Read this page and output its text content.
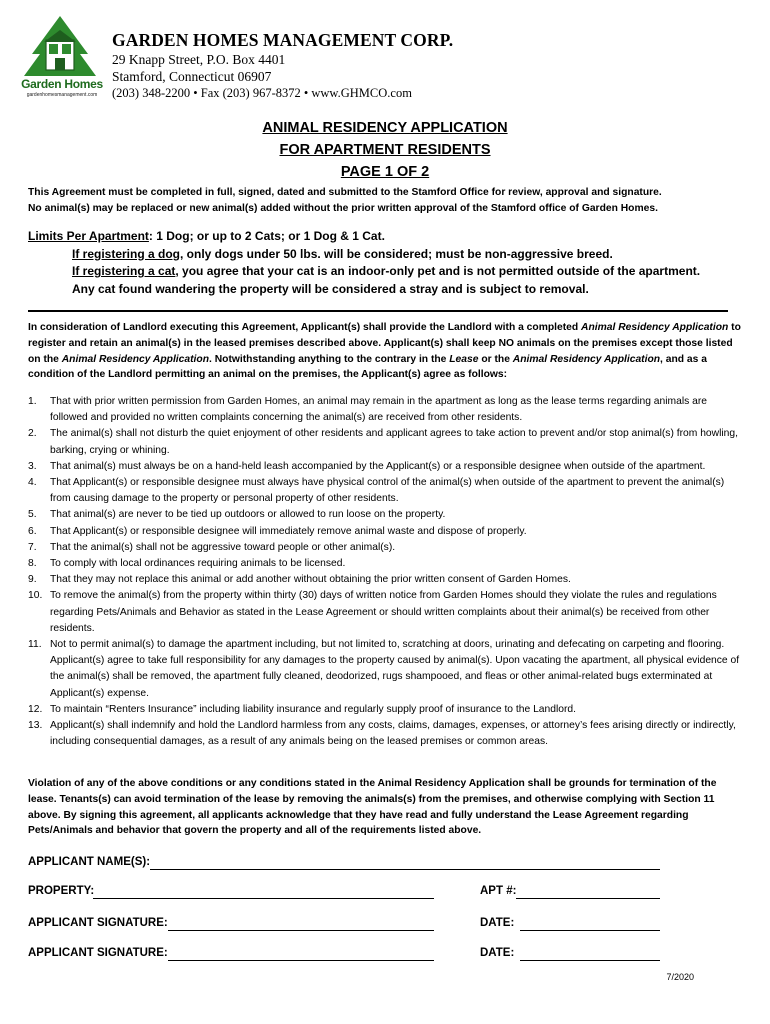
Garden Homes
gardenhomesmanagement.com
GARDEN HOMES MANAGEMENT CORP.
29 Knapp Street, P.O. Box 4401
Stamford, Connecticut 06907
(203) 348-2200 • Fax (203) 967-8372 • www.GHMCO.com
ANIMAL RESIDENCY APPLICATION
FOR APARTMENT RESIDENTS
PAGE 1 OF 2
This Agreement must be completed in full, signed, dated and submitted to the Stamford Office for review, approval and signature.
No animal(s) may be replaced or new animal(s) added without the prior written approval of the Stamford office of Garden Homes.
Limits Per Apartment: 1 Dog; or up to 2 Cats; or 1 Dog & 1 Cat.
If registering a dog, only dogs under 50 lbs. will be considered; must be non-aggressive breed.
If registering a cat, you agree that your cat is an indoor-only pet and is not permitted outside of the apartment.
Any cat found wandering the property will be considered a stray and is subject to removal.
In consideration of Landlord executing this Agreement, Applicant(s) shall provide the Landlord with a completed Animal Residency Application to register and retain an animal(s) in the leased premises described above. Applicant(s) shall keep NO animals on the premises except those listed on the Animal Residency Application. Notwithstanding anything to the contrary in the Lease or the Animal Residency Application, and as a condition of the Landlord permitting an animal on the premises, the Applicant(s) agree as follows:
1. That with prior written permission from Garden Homes, an animal may remain in the apartment as long as the lease terms regarding animals are followed and provided no written complaints concerning the animal(s) are received from other residents.
2. The animal(s) shall not disturb the quiet enjoyment of other residents and applicant agrees to take action to prevent and/or stop animal(s) from howling, barking, crying or whining.
3. That animal(s) must always be on a hand-held leash accompanied by the Applicant(s) or a responsible designee when outside of the apartment.
4. That Applicant(s) or responsible designee must always have physical control of the animal(s) when outside of the apartment to prevent the animal(s) from causing damage to the property or personal property of other residents.
5. That animal(s) are never to be tied up outdoors or allowed to run loose on the property.
6. That Applicant(s) or responsible designee will immediately remove animal waste and dispose of properly.
7. That the animal(s) shall not be aggressive toward people or other animal(s).
8. To comply with local ordinances requiring animals to be licensed.
9. That they may not replace this animal or add another without obtaining the prior written consent of Garden Homes.
10. To remove the animal(s) from the property within thirty (30) days of written notice from Garden Homes should they violate the rules and regulations regarding Pets/Animals and Behavior as stated in the Lease Agreement or should written complaints about their animal(s) be received from other residents.
11. Not to permit animal(s) to damage the apartment including, but not limited to, scratching at doors, urinating and defecating on carpeting and flooring. Applicant(s) agree to take full responsibility for any damages to the property caused by animal(s). Upon vacating the apartment, all physical evidence of the animal(s) shall be removed, the apartment fully cleaned, deodorized, rugs shampooed, and fleas or other animal-related bugs exterminated at Applicant(s) expense.
12. To maintain “Renters Insurance” including liability insurance and regularly supply proof of insurance to the Landlord.
13. Applicant(s) shall indemnify and hold the Landlord harmless from any costs, claims, damages, expenses, or attorney’s fees arising directly or indirectly, including consequential damages, as a result of any animals being on the leased premises or common areas.
Violation of any of the above conditions or any conditions stated in the Animal Residency Application shall be grounds for termination of the lease. Tenants(s) can avoid termination of the lease by removing the animals(s) from the premises, and otherwise complying with Section 11 above. By signing this agreement, all applicants acknowledge that they have read and fully understand the Lease Agreement regarding Pets/Animals and behavior that govern the property and all of the requirements listed above.
APPLICANT NAME(S):
PROPERTY:	APT #:
APPLICANT SIGNATURE:	DATE:
APPLICANT SIGNATURE:	DATE:
7/2020
